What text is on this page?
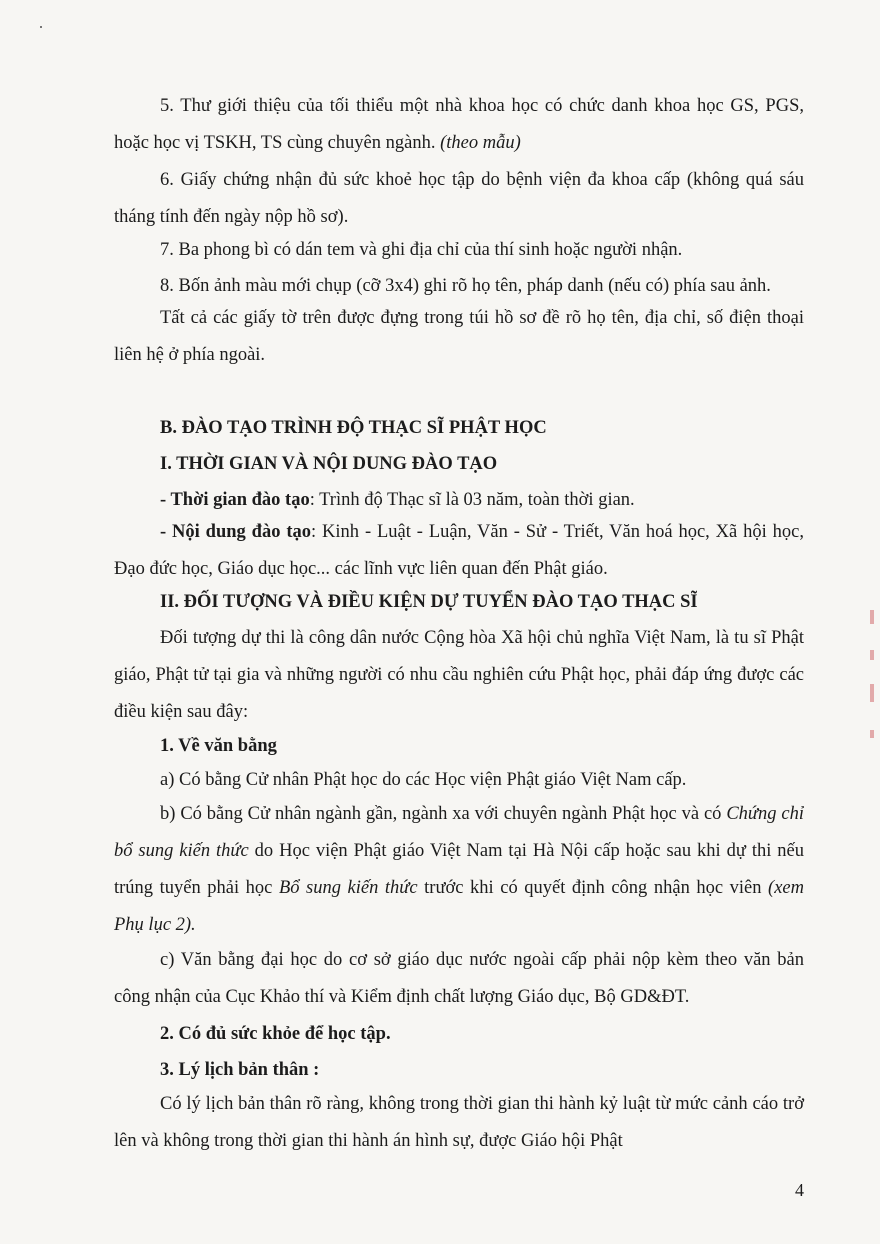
5. Thư giới thiệu của tối thiểu một nhà khoa học có chức danh khoa học GS, PGS, hoặc học vị TSKH, TS cùng chuyên ngành. (theo mẫu)

6. Giấy chứng nhận đủ sức khoẻ học tập do bệnh viện đa khoa cấp (không quá sáu tháng tính đến ngày nộp hồ sơ).

7. Ba phong bì có dán tem và ghi địa chỉ của thí sinh hoặc người nhận.

8. Bốn ảnh màu mới chụp (cỡ 3x4) ghi rõ họ tên, pháp danh (nếu có) phía sau ảnh.

Tất cả các giấy tờ trên được đựng trong túi hồ sơ đề rõ họ tên, địa chỉ, số điện thoại liên hệ ở phía ngoài.

B. ĐÀO TẠO TRÌNH ĐỘ THẠC SĨ PHẬT HỌC

I. THỜI GIAN VÀ NỘI DUNG ĐÀO TẠO

- Thời gian đào tạo: Trình độ Thạc sĩ là 03 năm, toàn thời gian.

- Nội dung đào tạo: Kinh - Luật - Luận, Văn - Sử - Triết, Văn hoá học, Xã hội học, Đạo đức học, Giáo dục học... các lĩnh vực liên quan đến Phật giáo.

II. ĐỐI TƯỢNG VÀ ĐIỀU KIỆN DỰ TUYỂN ĐÀO TẠO THẠC SĨ

Đối tượng dự thi là công dân nước Cộng hòa Xã hội chủ nghĩa Việt Nam, là tu sĩ Phật giáo, Phật tử tại gia và những người có nhu cầu nghiên cứu Phật học, phải đáp ứng được các điều kiện sau đây:

1. Về văn bằng

a) Có bằng Cử nhân Phật học do các Học viện Phật giáo Việt Nam cấp.

b) Có bằng Cử nhân ngành gần, ngành xa với chuyên ngành Phật học và có Chứng chỉ bổ sung kiến thức do Học viện Phật giáo Việt Nam tại Hà Nội cấp hoặc sau khi dự thi nếu trúng tuyển phải học Bổ sung kiến thức trước khi có quyết định công nhận học viên (xem Phụ lục 2).

c) Văn bằng đại học do cơ sở giáo dục nước ngoài cấp phải nộp kèm theo văn bản công nhận của Cục Khảo thí và Kiểm định chất lượng Giáo dục, Bộ GD&ĐT.

2. Có đủ sức khỏe để học tập.

3. Lý lịch bản thân :

Có lý lịch bản thân rõ ràng, không trong thời gian thi hành kỷ luật từ mức cảnh cáo trở lên và không trong thời gian thi hành án hình sự, được Giáo hội Phật

4
